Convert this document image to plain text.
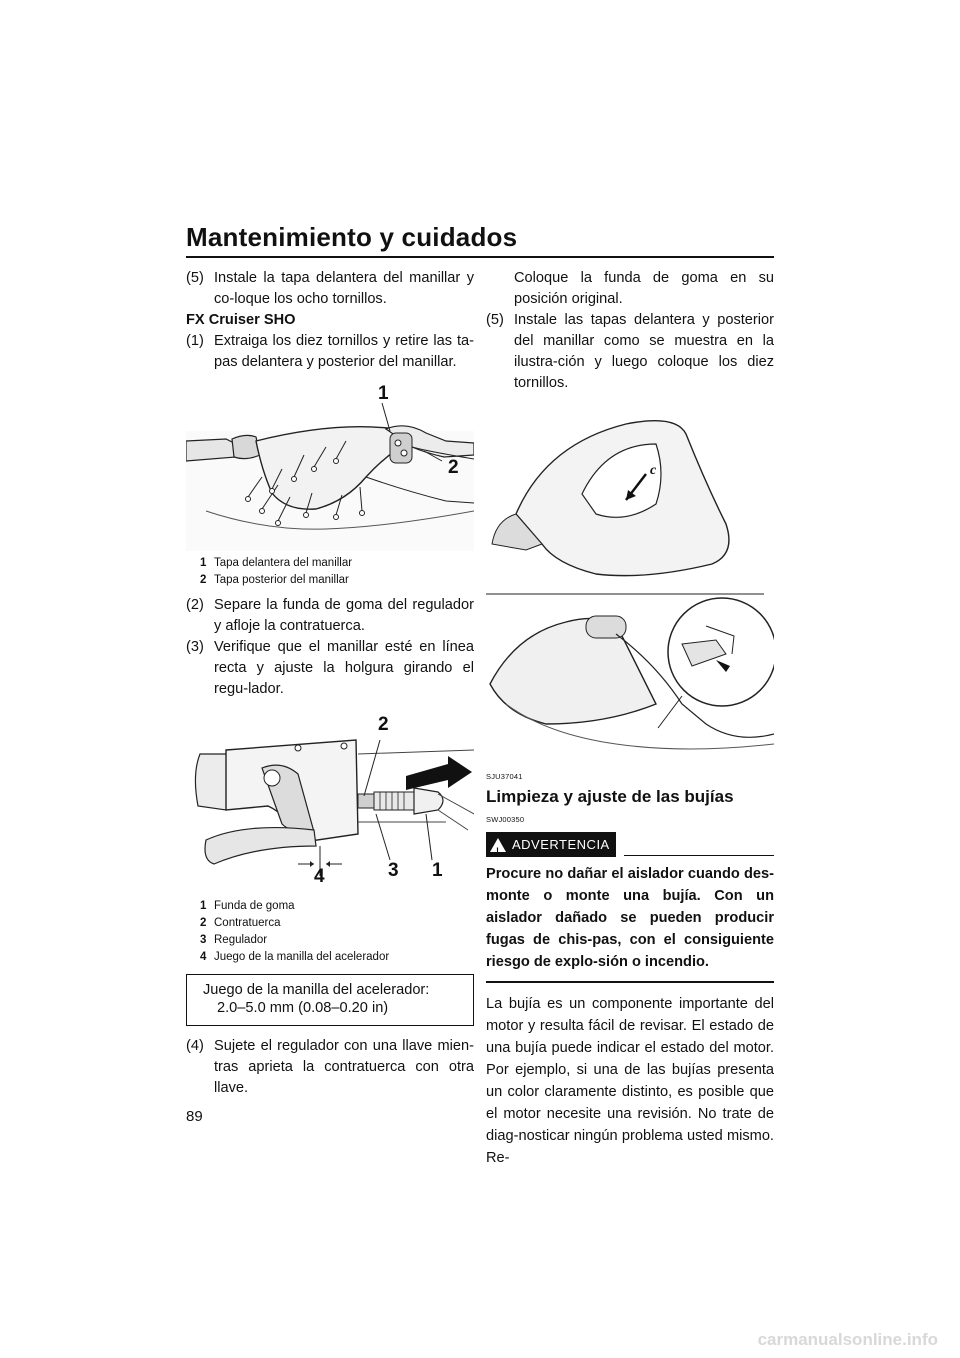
Mantenimiento y cuidados
(5) Instale la tapa delantera del manillar y co-loque los ocho tornillos.
FX Cruiser SHO
(1) Extraiga los diez tornillos y retire las ta-pas delantera y posterior del manillar.
1
2
1 Tapa delantera del manillar
2 Tapa posterior del manillar
(2) Separe la funda de goma del regulador y afloje la contratuerca.
(3) Verifique que el manillar esté en línea recta y ajuste la holgura girando el regu-lador.
2
3 1
4
1 Funda de goma
2 Contratuerca
3 Regulador
4 Juego de la manilla del acelerador
Juego de la manilla del acelerador:
2.0–5.0 mm (0.08–0.20 in)
(4) Sujete el regulador con una llave mien-tras aprieta la contratuerca con otra llave.
Coloque la funda de goma en su posición original.
(5) Instale las tapas delantera y posterior del manillar como se muestra en la ilustra-ción y luego coloque los diez tornillos.
c
SJU37041
Limpieza y ajuste de las bujías
SWJ00350
! ADVERTENCIA
Procure no dañar el aislador cuando des-monte o monte una bujía. Con un aislador dañado se pueden producir fugas de chis-pas, con el consiguiente riesgo de explo-sión o incendio.
La bujía es un componente importante del motor y resulta fácil de revisar. El estado de una bujía puede indicar el estado del motor. Por ejemplo, si una de las bujías presenta un color claramente distinto, es posible que el motor necesite una revisión. No trate de diag-nosticar ningún problema usted mismo. Re-
89
carmanualsonline.info
